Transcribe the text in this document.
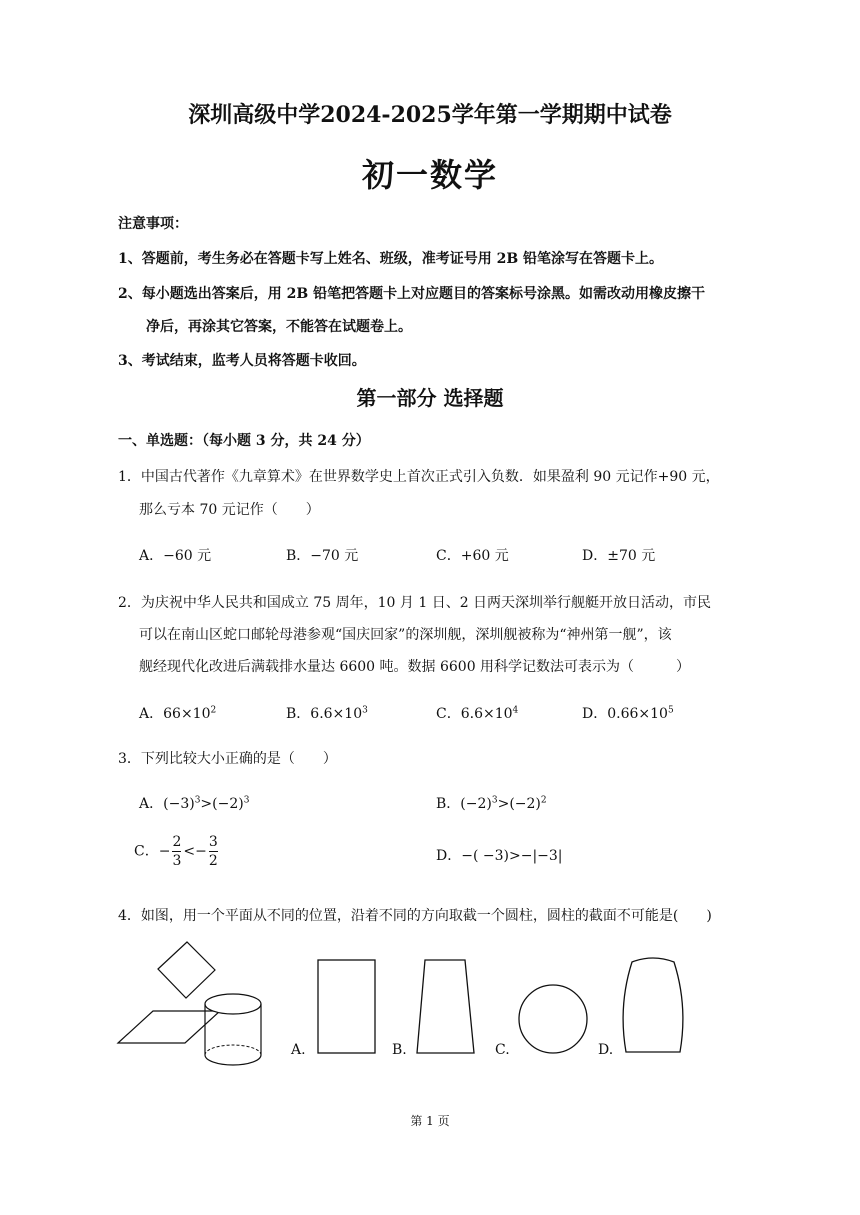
深圳高级中学2024-2025学年第一学期期中试卷
初一数学
注意事项：
1、答题前，考生务必在答题卡写上姓名、班级，准考证号用 2B 铅笔涂写在答题卡上。
2、每小题选出答案后，用 2B 铅笔把答题卡上对应题目的答案标号涂黑。如需改动用橡皮擦干
净后，再涂其它答案，不能答在试题卷上。
3、考试结束，监考人员将答题卡收回。
第一部分 选择题
一、单选题：（每小题 3 分，共 24 分）
1．中国古代著作《九章算术》在世界数学史上首次正式引入负数．如果盈利 90 元记作+90 元，
那么亏本 70 元记作（　　）
A．−60 元	B．−70 元	C．+60 元	D．±70 元
2．为庆祝中华人民共和国成立 75 周年，10 月 1 日、2 日两天深圳举行舰艇开放日活动，市民
可以在南山区蛇口邮轮母港参观“国庆回家”的深圳舰，深圳舰被称为“神州第一舰”，该
舰经现代化改进后满载排水量达 6600 吨。数据 6600 用科学记数法可表示为（　　　）
A．$66\times 10^2$	B．$6.6\times 10^3$	C．$6.6\times 10^4$	D．$0.66\times 10^5$
3．下列比较大小正确的是（　　）
A．$(-3)^3>(-2)^3$	B．$(-2)^3>(-2)^2$
C．− $\frac{2}{3} <- \frac{3}{2}$	D．−( −3)>−|−3|
4．如图，用一个平面从不同的位置，沿着不同的方向取截一个圆柱，圆柱的截面不可能是(　　)
A.	B.	C.	D.
第 1 页
